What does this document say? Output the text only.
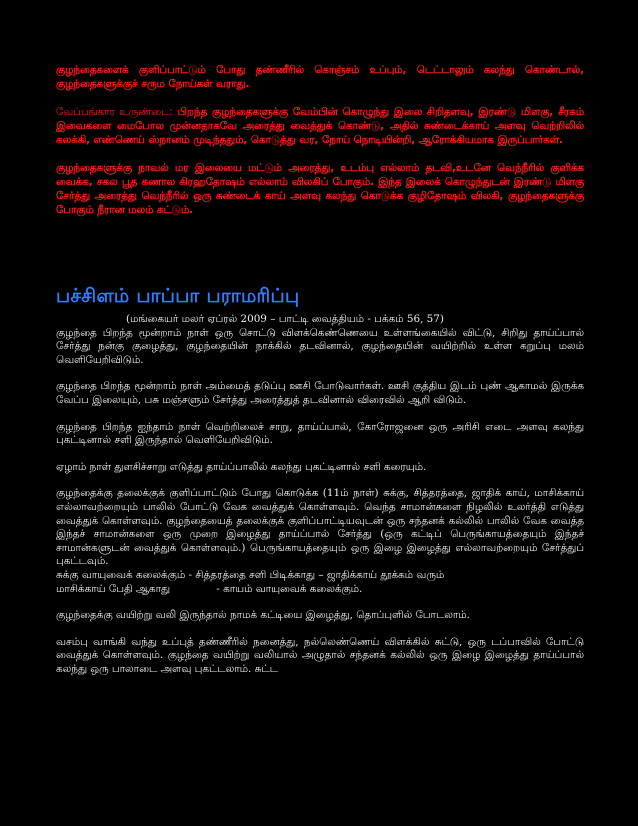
குழந்தைகளைக் குளிப்பாட்டும் போது தண்ணீரில் கொஞ்சம் உப்பும், டெட்டாலும் கலந்து கொண்டால், குழந்தைகளுக்குச் சரும நோய்கள் வராது.

வேப்பங்கார உருண்டை: பிறந்த குழந்தைகளுக்கு வேம்பின் கொழுந்து இலை சிறிதளவு, இரண்டு மிளகு, சீரகம் இவைகளை மைபோல முன்னதாகவே அரைத்து வைத்துக் கொண்டு, அதில் சுண்டைக்காய் அளவு வெற்றிலில் கலக்கி, எண்ணெய் ஸ்நானம் முடிந்ததும், கொடுத்து வர, நோய் நொடியின்றி, ஆரோக்கியமாக இருப்பார்கள்.

குழந்தைகளுக்கு நாவல் மர இலையை மட்டும் அரைத்து, உடம்பு எல்லாம் தடவி,உடனே வெந்நீரில் குளிக்க வைக்க, சகல பூத கணால கிரஹதோஷம் எல்லாம் விலகிப் போகும். இந்த இலைக் கொழுந்துடன் இரண்டு மிளகு சேர்த்து அரைத்து வெந்நீரில் ஒரு சுண்டைக் காய் அளவு கலந்து கொடுக்க குழிதோஷம் விலகி, குழந்தைகளுக்கு போகும் நீரான மலம் கட்டும்.

பச்சிளம் பாப்பா பராமரிப்பு

(மங்கையர் மலர் ஏப்ரல் 2009 – பாட்டி வைத்தியம் - பக்கம் 56, 57)

குழந்தை பிறந்த மூன்றாம் நாள் ஒரு சொட்டு விளக்கெண்ணெயை உள்ளங்கையில் விட்டு, சிறிது தாய்ப்பால் சேர்த்து நன்கு குழைத்து, குழந்தையின் நாக்கில் தடவினால், குழந்தையின் வயிற்றில் உள்ள கறுப்பு மலம் வெளியேறிவிடும்.

குழந்தை பிறந்த மூன்றாம் நாள் அம்மைத் தடுப்பு ஊசி போடுவார்கள். ஊசி குத்திய இடம் புண் ஆகாமல் இருக்க வேப்ப இலையும், பசு மஞ்சளும் சேர்த்து அரைத்துத் தடவினால் விரைவில் ஆறி விடும்.

குழந்தை பிறந்த ஐந்தாம் நாள் வெற்றிலைச் சாறு, தாய்ப்பால், கோரோஜனை ஒரு அரிசி எடை அளவு கலந்து புகட்டினால் சளி இருந்தால் வெளியேறிவிடும்.

ஏழாம் நாள் துளசிச்சாறு எடுத்து தாய்ப்பாலில் கலந்து புகட்டினால் சளி கரையும்.

குழந்தைக்கு தலைக்குக் குளிப்பாட்டும் போது கொடுக்க (11ம் நாள்) சுக்கு, சித்தரத்தை, ஜாதிக் காய், மாசிக்காய் எல்லாவற்றையும் பாலில் போட்டு வேக வைத்துக் கொள்ளவும். வெந்த சாமான்களை நிழலில் உலர்த்தி எடுத்து வைத்துக் கொள்ளவும். குழந்தையைத் தலைக்குக் குளிப்பாட்டியவுடன் ஒரு சந்தனக் கல்லில் பாலில் வேக வைத்த இந்தச் சாமான்களை ஒரு முறை இழைத்து தாய்ப்பால் சேர்த்து (ஒரு கட்டிப் பெருங்காயத்தையும் இந்தச் சாமான்களுடன் வைத்துக் கொள்ளவும்.) பெருங்காயத்தையும் ஒரு இழை இழைத்து எல்லாவற்றையும் சேர்த்துப் புகட்டவும்.

சுக்கு வாயுவைக் கலைக்கும் - சித்தரத்தை சளி பிடிக்காது – ஜாதிக்காய் தூக்கம் வரும்

மாசிக்காய் பேதி ஆகாது              - காயம் வாயுவைக் கலைக்கும்.

குழந்தைக்கு வயிற்று வலி இருந்தால் நாமக் கட்டியை இழைத்து, தொப்புளில் போடலாம்.

வசம்பு வாங்கி வந்து உப்புத் தண்ணீரில் நனைத்து, நல்லெண்ணெய் விளக்கில் சுட்டு, ஒரு டப்பாவில் போட்டு வைத்துக் கொள்ளவும். குழந்தை வயிற்று வலியால் அழுதால் சந்தனக் கல்லில் ஒரு இழை இழைத்து தாய்ப்பால் கலந்து ஒரு பாலாடை அளவு புகட்டலாம். சுட்ட
